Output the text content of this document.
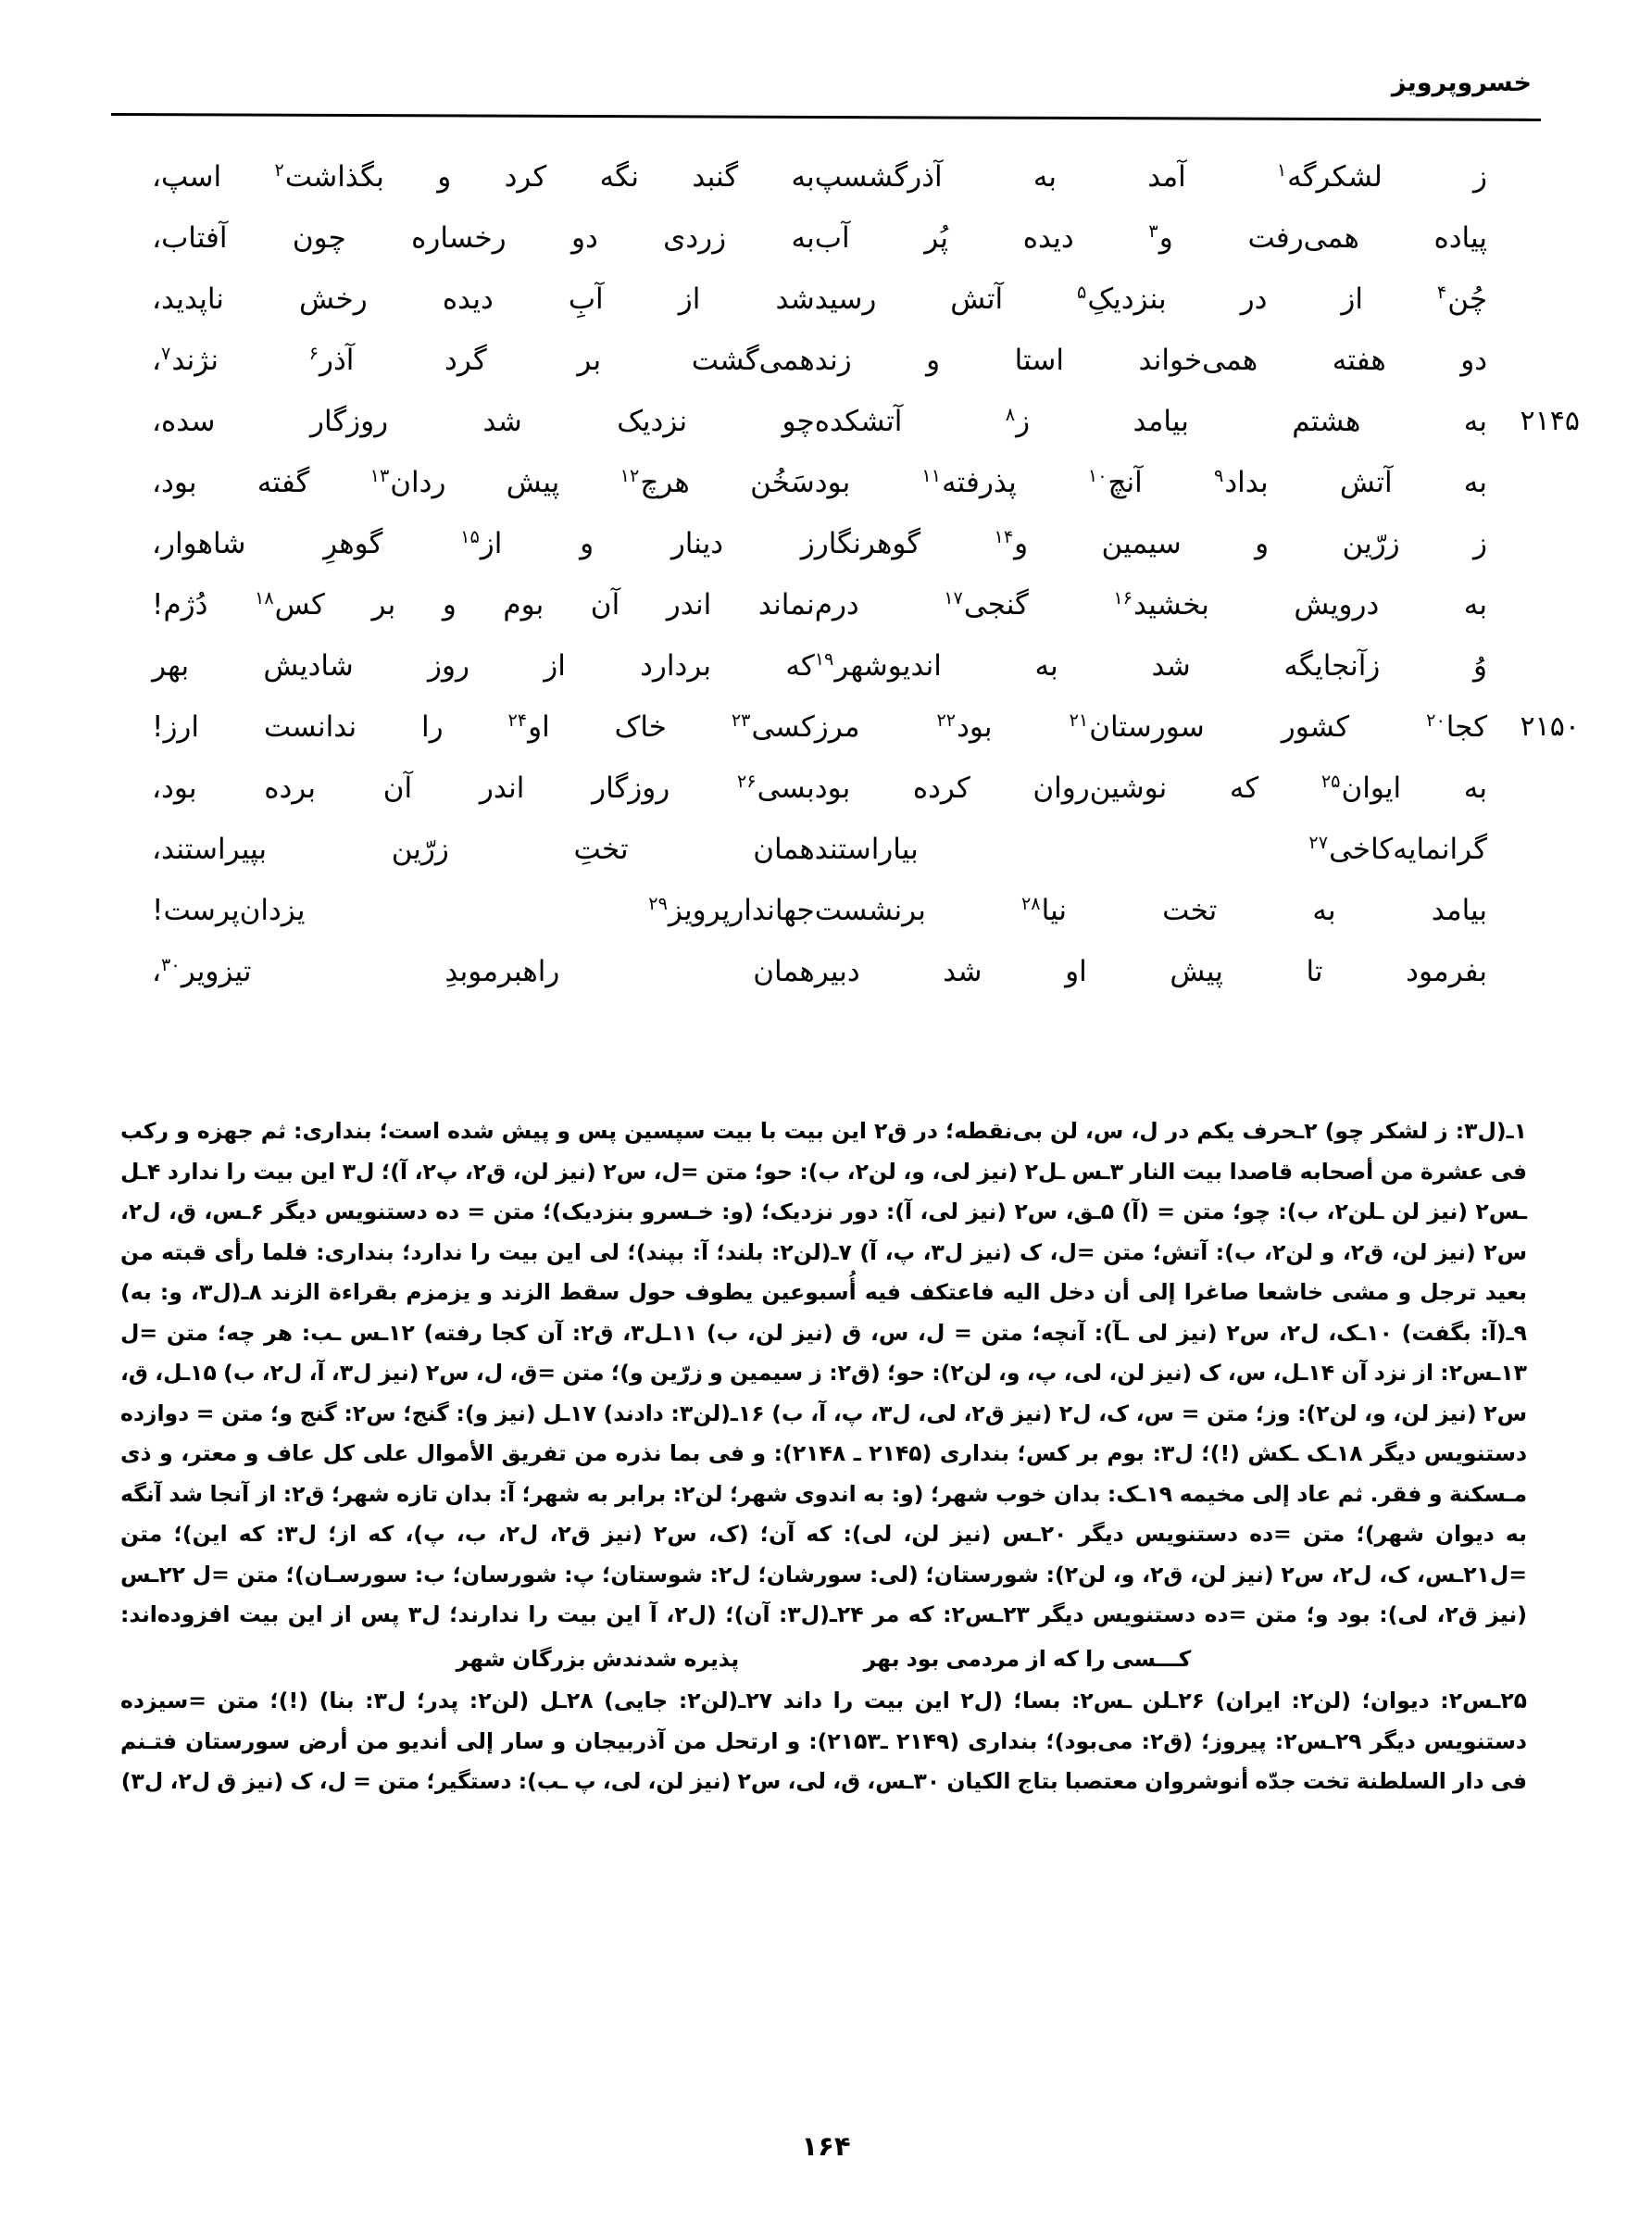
خسروپرویز
ز
لشکرگه$^۱$
آمد
به
آذرگشسپ
به
گنبد
نگه
کرد
و
بگذاشت$^۲$
اسپ،
پیاده
همی‌رفت
و$^۳$
دیده
پُر
آب
به
زردی
دو
رخساره
چون
آفتاب،
چُن$^۴$
از
در
بنزدیکِ$^۵$
آتش
رسید
شد
از
آبِ
دیده
رخش
ناپدید،
دو
هفته
همی‌خواند
استا
و
زند
همی‌گشت
بر
گرد
آذر$^۶$
نژند$^۷$،
به
هشتم
بیامد
ز$^۸$
آتشکده	۲۱۴۵
چو
نزدیک
شد
روزگار
سده،
به
آتش
بداد$^۹$
آنچ$^{۱۰}$
پذرفته$^{۱۱}$
بود
سَخُن
هرچ$^{۱۲}$
پیش
ردان$^{۱۳}$
گفته
بود،
ز
زرّین
و
سیمین
و$^{۱۴}$
گوهرنگار
ز
دینار
و
از$^{۱۵}$
گوهرِ
شاهوار،
به
درویش
بخشید$^{۱۶}$
گنجی$^{۱۷}$
درم
نماند
اندر
آن
بوم
و
بر
کس$^{۱۸}$
دُژم!
وُ
زآنجایگه
شد
به
اندیوشهر$^{۱۹}$
که
بردارد
از
روز
شادیش
بهر
کجا$^{۲۰}$
کشور
سورستان$^{۲۱}$
بود$^{۲۲}$
مرز	۲۱۵۰
کسی$^{۲۳}$
خاک
او$^{۲۴}$
را
ندانست
ارز!
به
ایوان$^{۲۵}$
که
نوشین‌روان
کرده
بود
بسی$^{۲۶}$
روزگار
اندر
آن
برده
بود،
گرانمایه‌کاخی$^{۲۷}$
بیاراستند
همان
تختِ
زرّین
بپیراستند،
بیامد
به
تخت
نیا$^{۲۸}$
برنشست
جهاندارپرویز$^{۲۹}$
یزدان‌پرست!
بفرمود
تا
پیش
او
شد
دبیر
همان
راهبرموبدِ
تیزویر$^{۳۰}$،

۱ـ(ل۳: ز لشکر چو) ۲ـحرف یکم در ل، س، لن بی‌نقطه؛ در ق۲ این بیت با بیت سپسین پس و پیش شده است؛ بنداری: ثم جهزه و رکب فی عشرة من أصحابه قاصدا بیت النار ۳ـس ـل۲ (نیز لی، و، لن۲، ب): حو؛ متن =ل، س۲ (نیز لن، ق۲، پ۲، آ)؛ ل۳ این بیت را ندارد ۴ـل ـس۲ (نیز لن ـلن۲، ب): چو؛ متن = (آ) ۵ـق، س۲ (نیز لی، آ): دور نزدیک؛ (و: خـسرو بنزدیک)؛ متن = ده دستنویس دیگر ۶ـس، ق، ل۲، س۲ (نیز لن، ق۲، و لن۲، ب): آتش؛ متن =ل، ک (نیز ل۳، پ، آ) ۷ـ(لن۲: بلند؛ آ: بپند)؛ لی این بیت را ندارد؛ بنداری: فلما رأی قبته من بعید ترجل و مشی خاشعا صاغرا إلی أن دخل الیه فاعتکف فیه أُسبوعین یطوف حول سقط الزند و یزمزم بقراءة الزند ۸ـ(ل۳، و: به) ۹ـ(آ: بگفت) ۱۰ـک، ل۲، س۲ (نیز لی ـآ): آنچه؛ متن = ل، س، ق (نیز لن، ب) ۱۱ـل۳، ق۲: آن کجا رفته) ۱۲ـس ـب: هر چه؛ متن =ل ۱۳ـس۲: از نزد آن ۱۴ـل، س، ک (نیز لن، لی، پ، و، لن۲): حو؛ (ق۲: ز سیمین و زرّین و)؛ متن =ق، ل، س۲ (نیز ل۳، آ، ل۲، ب) ۱۵ـل، ق، س۲ (نیز لن، و، لن۲): وز؛ متن = س، ک، ل۲ (نیز ق۲، لی، ل۳، پ، آ، ب) ۱۶ـ(لن۳: دادند) ۱۷ـل (نیز و): گنج؛ س۲: گنج و؛ متن = دوازده دستنویس دیگر ۱۸ـک ـکش (!)؛ ل۳: بوم بر کس؛ بنداری (۲۱۴۵ ـ ۲۱۴۸): و فی بما نذره من تفریق الأموال علی کل عاف و معتر، و ذی مـسکنة و فقر. ثم عاد إلی مخیمه ۱۹ـک: بدان خوب شهر؛ (و: به اندوی شهر؛ لن۲: برابر به شهر؛ آ: بدان تازه شهر؛ ق۲: از آنجا شد آنگه به دیوان شهر)؛ متن =ده دستنویس دیگر ۲۰ـس (نیز لن، لی): که آن؛ (ک، س۲ (نیز ق۲، ل۲، ب، پ)، که از؛ ل۳: که این)؛ متن =ل۲۱ـس، ک، ل۲، س۲ (نیز لن، ق۲، و، لن۲): شورستان؛ (لی: سورشان؛ ل۲: شوستان؛ پ: شورسان؛ ب: سورسـان)؛ متن =ل ۲۲ـس (نیز ق۲، لی): بود و؛ متن =ده دستنویس دیگر ۲۳ـس۲: که مر ۲۴ـ(ل۳: آن)؛ (ل۲، آ این بیت را ندارند؛ ل۳ پس از این بیت افزوده‌اند:

کـــسی را که از مردمی بود بهر  پذیره شدندش بزرگان شهر

۲۵ـس۲: دیوان؛ (لن۲: ایران) ۲۶ـلن ـس۲: بسا؛ (ل۲ این بیت را داند ۲۷ـ(لن۲: جایی) ۲۸ـل (لن۲: پدر؛ ل۳: بنا) (!)؛ متن =سیزده دستنویس دیگر ۲۹ـس۲: پیروز؛ (ق۲: می‌بود)؛ بنداری (۲۱۴۹ ـ۲۱۵۳): و ارتحل من آذربیجان و سار إلی أندیو من أرض سورستان فتـنم فی دار السلطنة تخت جدّه أنوشروان معتصبا بتاج الکیان ۳۰ـس، ق، لی، س۲ (نیز لن، لی، پ ـب): دستگیر؛ متن = ل، ک (نیز ق ل۲، ل۳)

۱۶۴
